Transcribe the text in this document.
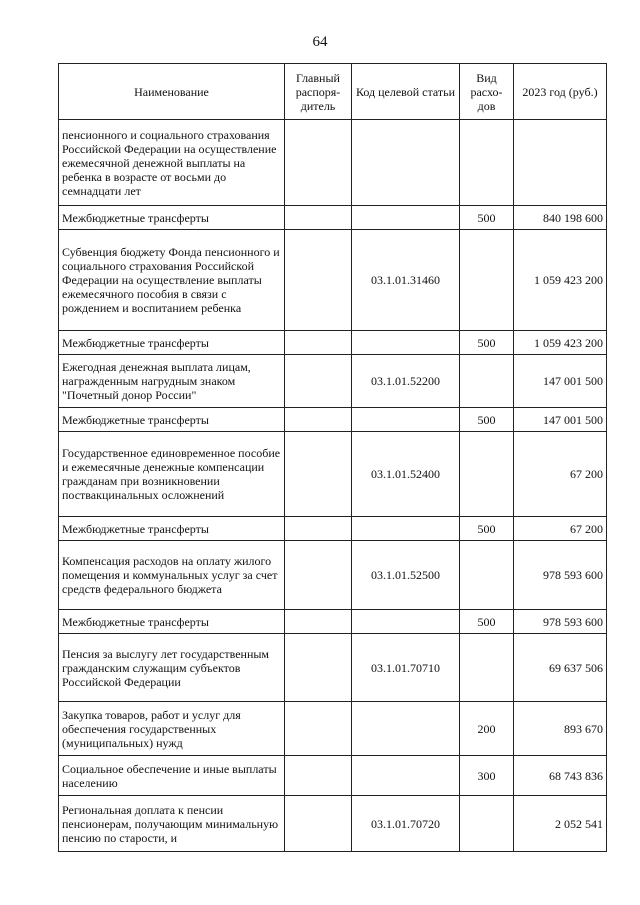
64
Наименование	Главный распоря-дитель	Код целевой статьи	Вид расхо-дов	2023 год (руб.)
пенсионного и социального страхования Российской Федерации на осуществление ежемесячной денежной выплаты на ребенка в возрасте от восьми до семнадцати лет				
Межбюджетные трансферты			500	840 198 600
Субвенция бюджету Фонда пенсионного и социального страхования Российской Федерации на осуществление выплаты ежемесячного пособия в связи с рождением и воспитанием ребенка		03.1.01.31460		1 059 423 200
Межбюджетные трансферты			500	1 059 423 200
Ежегодная денежная выплата лицам, награжденным нагрудным знаком "Почетный донор России"		03.1.01.52200		147 001 500
Межбюджетные трансферты			500	147 001 500
Государственное единовременное пособие и ежемесячные денежные компенсации гражданам при возникновении поствакцинальных осложнений		03.1.01.52400		67 200
Межбюджетные трансферты			500	67 200
Компенсация расходов на оплату жилого помещения и коммунальных услуг за счет средств федерального бюджета		03.1.01.52500		978 593 600
Межбюджетные трансферты			500	978 593 600
Пенсия за выслугу лет государственным гражданским служащим субъектов Российской Федерации		03.1.01.70710		69 637 506
Закупка товаров, работ и услуг для обеспечения государственных (муниципальных) нужд			200	893 670
Социальное обеспечение и иные выплаты населению			300	68 743 836
Региональная доплата к пенсии пенсионерам, получающим минимальную пенсию по старости, и		03.1.01.70720		2 052 541
